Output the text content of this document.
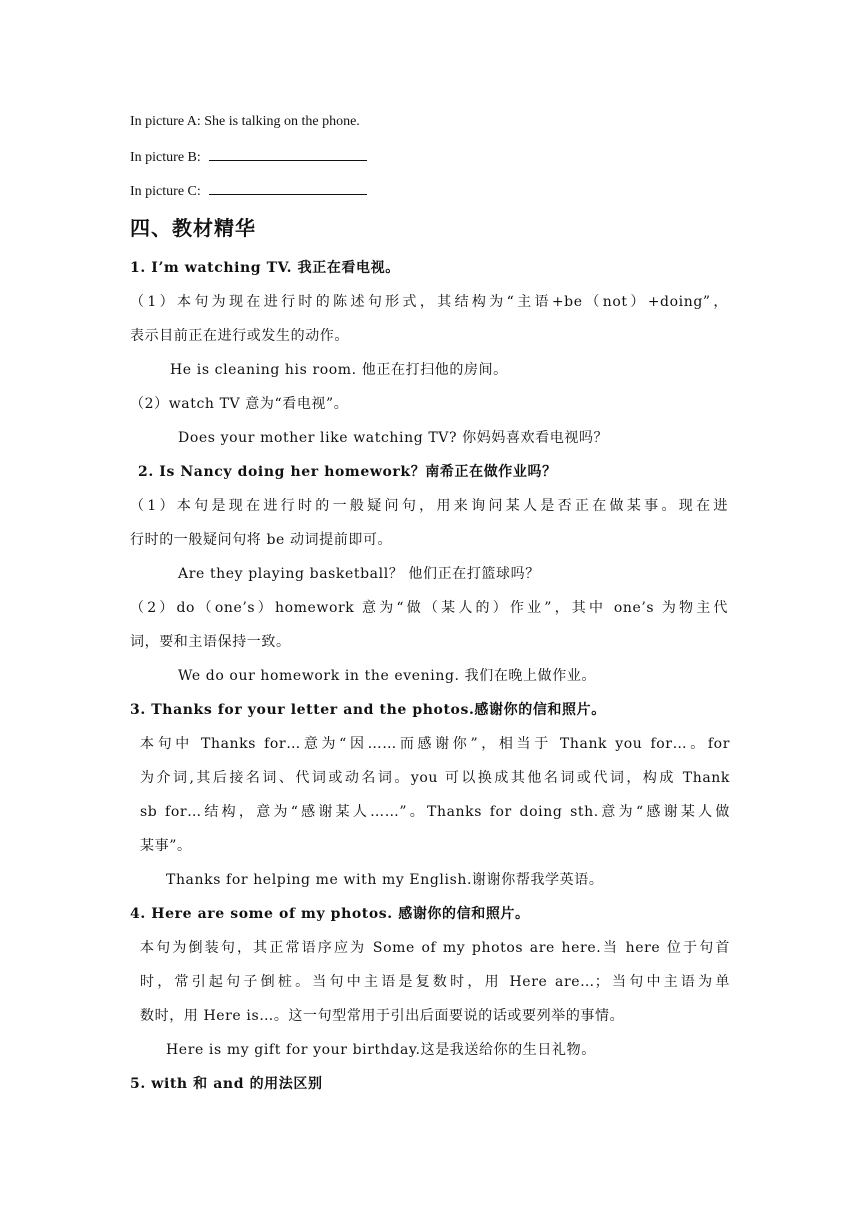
In picture A: She is talking on the phone.
In picture B:
In picture C:
四、教材精华
1. I’m watching TV. 我正在看电视。
（1）本句为现在进行时的陈述句形式，其结构为“主语+be（not）+doing”，
表示目前正在进行或发生的动作。
He is cleaning his room. 他正在打扫他的房间。
（2）watch TV 意为“看电视”。
Does your mother like watching TV? 你妈妈喜欢看电视吗？
2. Is Nancy doing her homework？南希正在做作业吗？
（1）本句是现在进行时的一般疑问句，用来询问某人是否正在做某事。现在进
行时的一般疑问句将 be 动词提前即可。
Are they playing basketball？ 他们正在打篮球吗？
（2）do（one’s）homework 意为“做（某人的）作业”，其中 one’s 为物主代
词，要和主语保持一致。
We do our homework in the evening. 我们在晚上做作业。
3. Thanks for your letter and the photos.感谢你的信和照片。
本句中 Thanks for…意为“因……而感谢你”，相当于 Thank you for…。for
为介词,其后接名词、代词或动名词。you 可以换成其他名词或代词，构成 Thank
sb for…结构，意为“感谢某人……”。Thanks for doing sth.意为“感谢某人做
某事”。
Thanks for helping me with my English.谢谢你帮我学英语。
4. Here are some of my photos. 感谢你的信和照片。
本句为倒装句，其正常语序应为 Some of my photos are here.当 here 位于句首
时，常引起句子倒桩。当句中主语是复数时，用 Here are…；当句中主语为单
数时，用 Here is…。这一句型常用于引出后面要说的话或要列举的事情。
Here is my gift for your birthday.这是我送给你的生日礼物。
5. with 和 and 的用法区别
